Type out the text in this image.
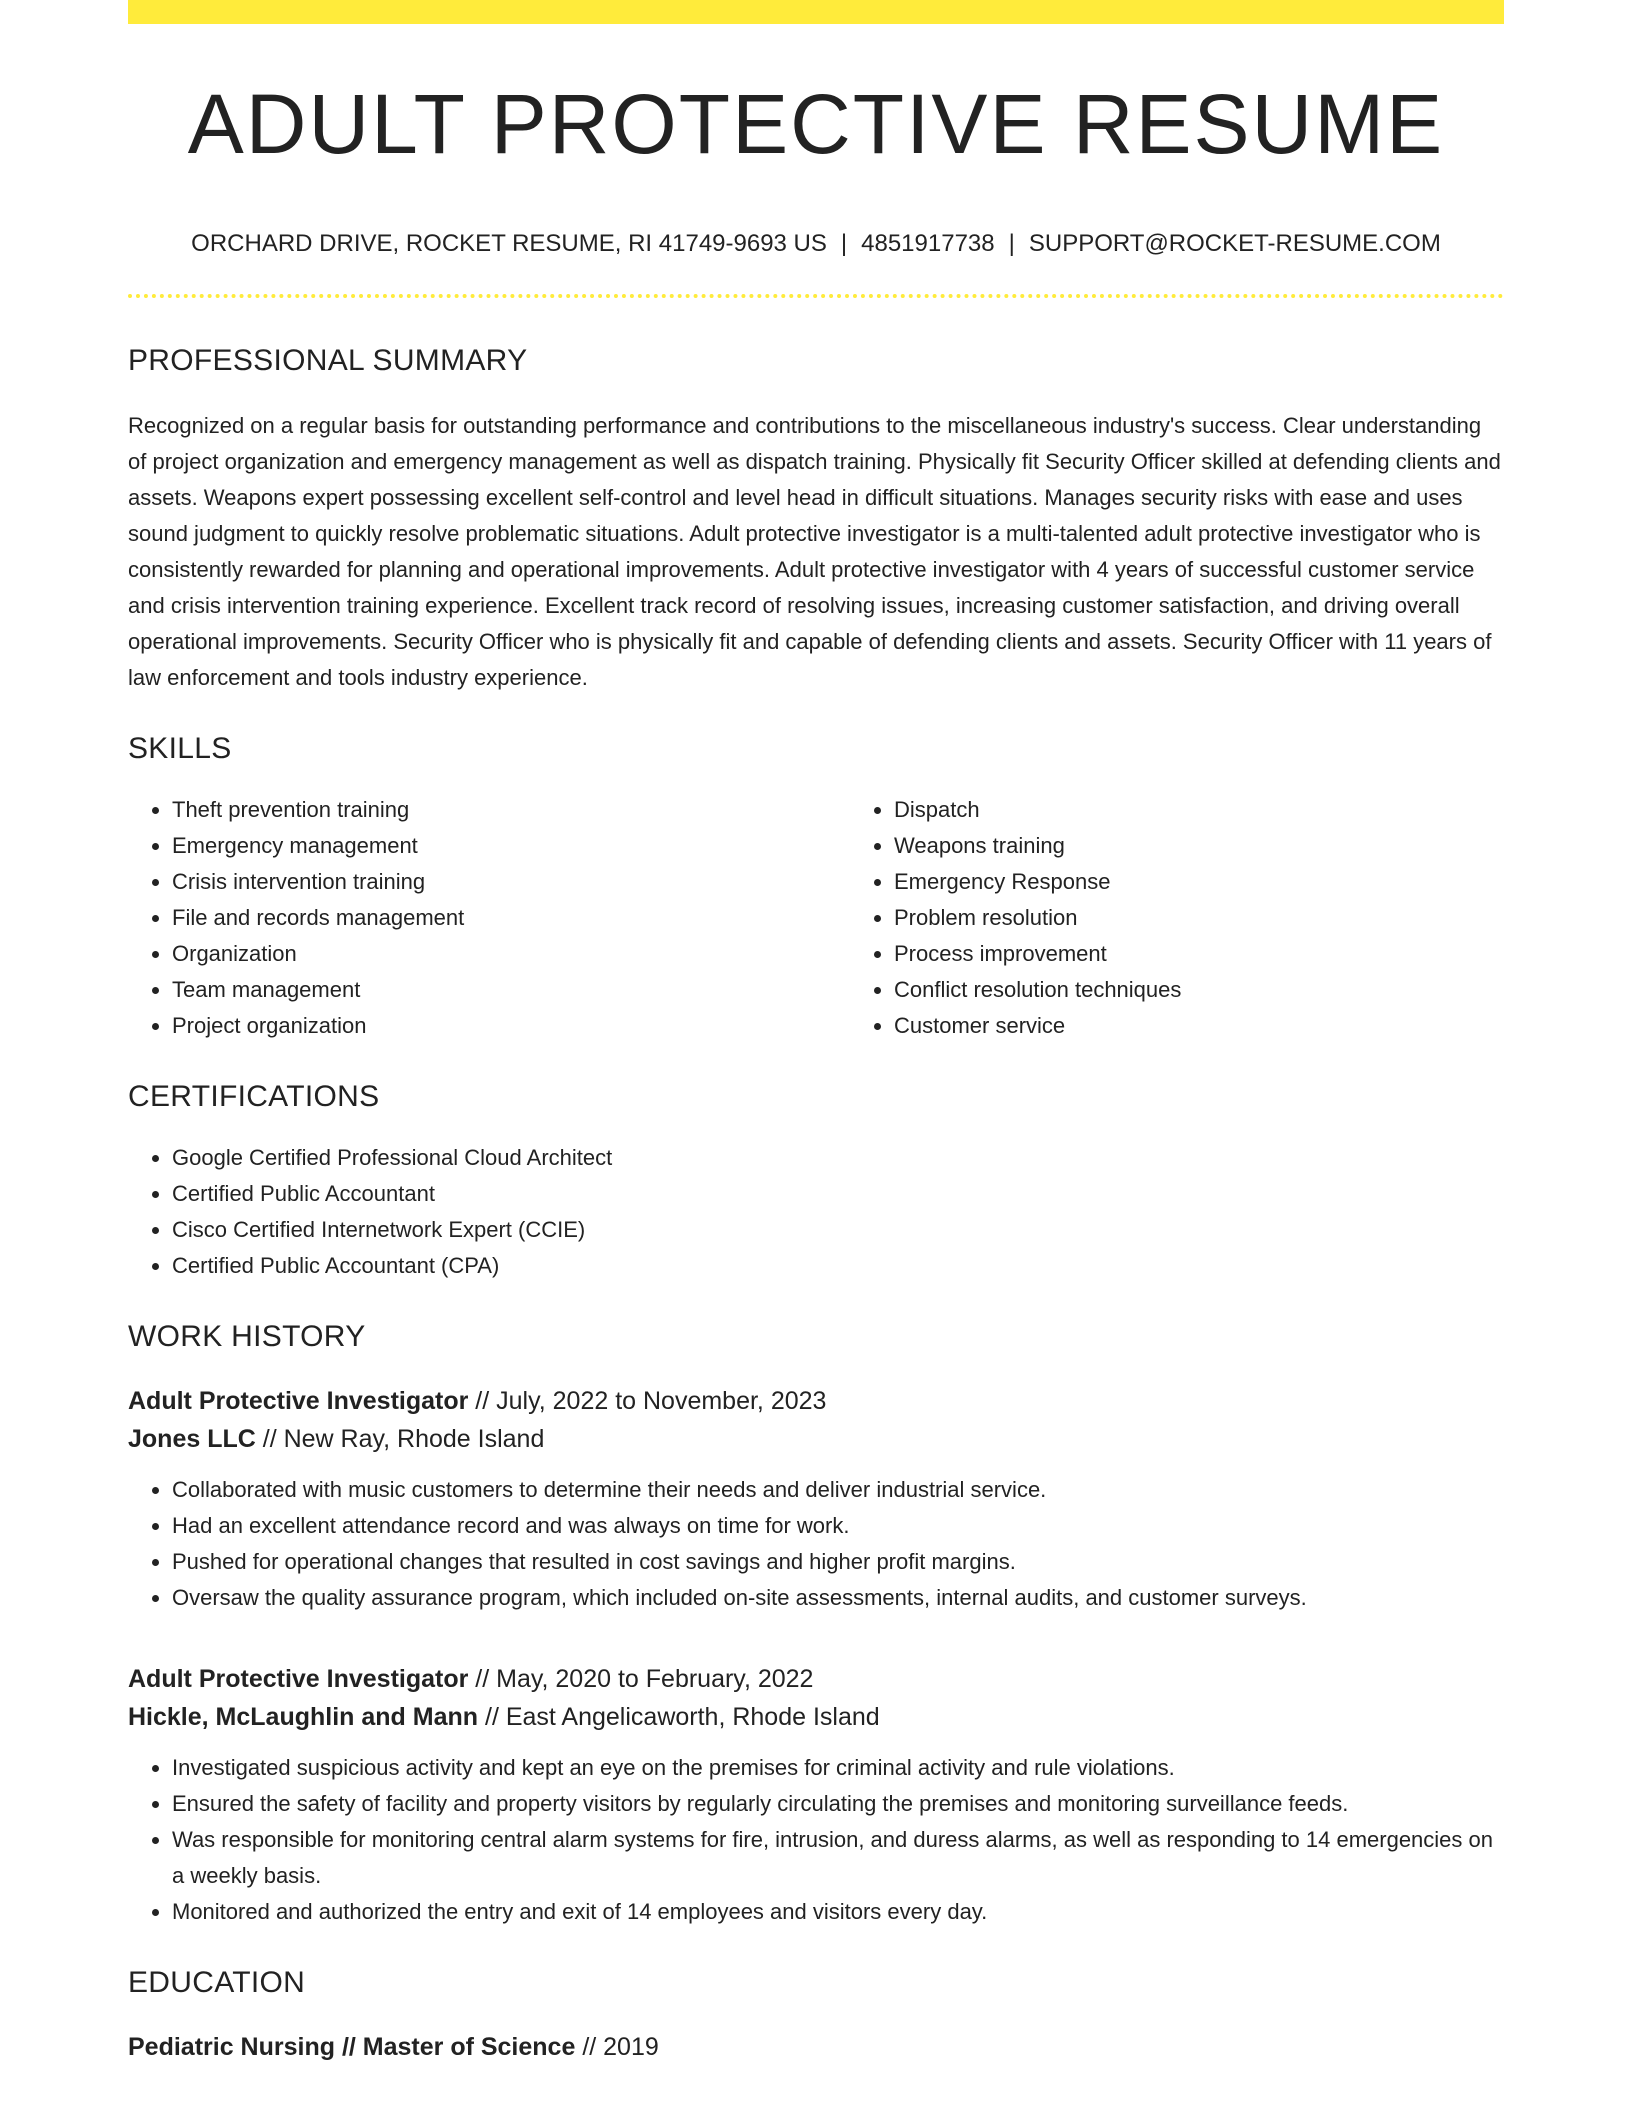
ADULT PROTECTIVE RESUME
ORCHARD DRIVE, ROCKET RESUME, RI 41749-9693 US | 4851917738 | SUPPORT@ROCKET-RESUME.COM
PROFESSIONAL SUMMARY
Recognized on a regular basis for outstanding performance and contributions to the miscellaneous industry's success. Clear understanding of project organization and emergency management as well as dispatch training. Physically fit Security Officer skilled at defending clients and assets. Weapons expert possessing excellent self-control and level head in difficult situations. Manages security risks with ease and uses sound judgment to quickly resolve problematic situations. Adult protective investigator is a multi-talented adult protective investigator who is consistently rewarded for planning and operational improvements. Adult protective investigator with 4 years of successful customer service and crisis intervention training experience. Excellent track record of resolving issues, increasing customer satisfaction, and driving overall operational improvements. Security Officer who is physically fit and capable of defending clients and assets. Security Officer with 11 years of law enforcement and tools industry experience.
SKILLS
• Theft prevention training
• Emergency management
• Crisis intervention training
• File and records management
• Organization
• Team management
• Project organization
• Dispatch
• Weapons training
• Emergency Response
• Problem resolution
• Process improvement
• Conflict resolution techniques
• Customer service
CERTIFICATIONS
• Google Certified Professional Cloud Architect
• Certified Public Accountant
• Cisco Certified Internetwork Expert (CCIE)
• Certified Public Accountant (CPA)
WORK HISTORY
Adult Protective Investigator // July, 2022 to November, 2023
Jones LLC // New Ray, Rhode Island
• Collaborated with music customers to determine their needs and deliver industrial service.
• Had an excellent attendance record and was always on time for work.
• Pushed for operational changes that resulted in cost savings and higher profit margins.
• Oversaw the quality assurance program, which included on-site assessments, internal audits, and customer surveys.
Adult Protective Investigator // May, 2020 to February, 2022
Hickle, McLaughlin and Mann // East Angelicaworth, Rhode Island
• Investigated suspicious activity and kept an eye on the premises for criminal activity and rule violations.
• Ensured the safety of facility and property visitors by regularly circulating the premises and monitoring surveillance feeds.
• Was responsible for monitoring central alarm systems for fire, intrusion, and duress alarms, as well as responding to 14 emergencies on a weekly basis.
• Monitored and authorized the entry and exit of 14 employees and visitors every day.
EDUCATION
Pediatric Nursing // Master of Science // 2019
